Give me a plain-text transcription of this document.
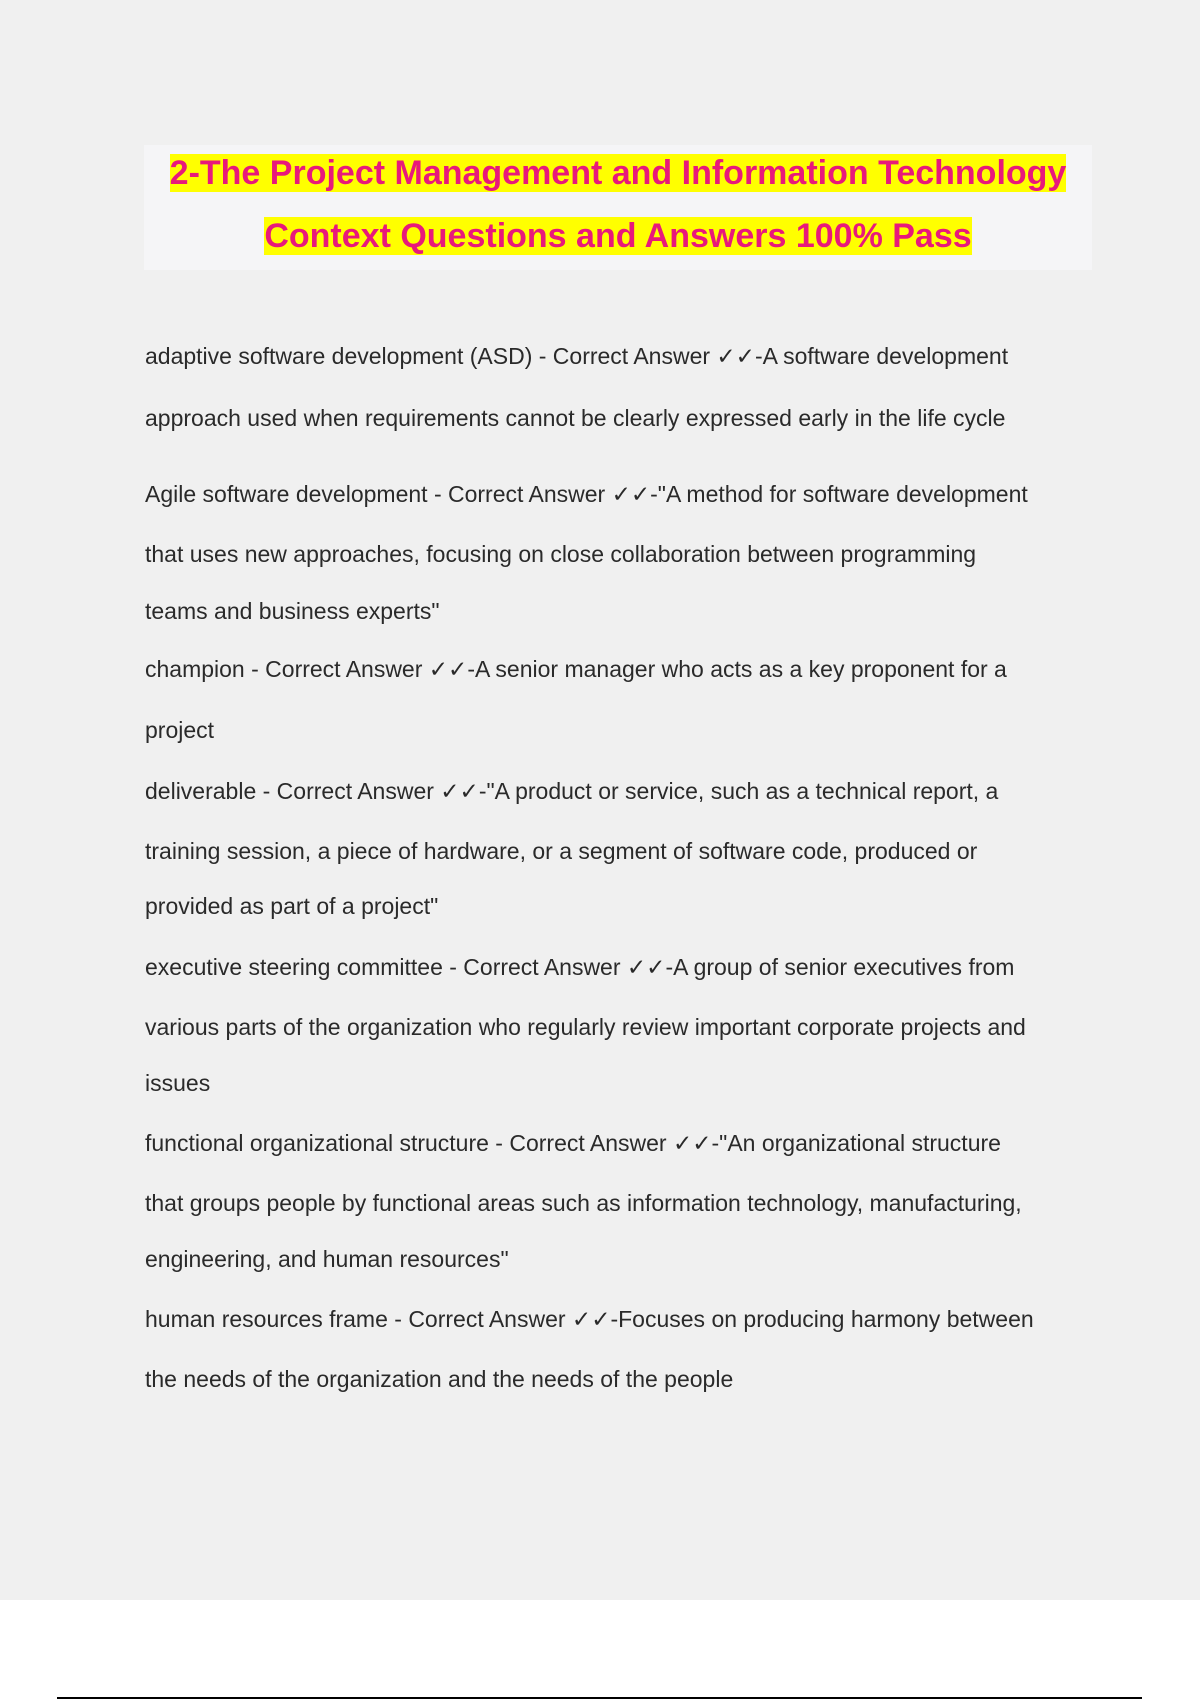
2-The Project Management and Information Technology
Context Questions and Answers 100% Pass

adaptive software development (ASD) - Correct Answer ✓✓-A software development

approach used when requirements cannot be clearly expressed early in the life cycle

Agile software development - Correct Answer ✓✓-"A method for software development

that uses new approaches, focusing on close collaboration between programming

teams and business experts"

champion - Correct Answer ✓✓-A senior manager who acts as a key proponent for a

project

deliverable - Correct Answer ✓✓-"A product or service, such as a technical report, a

training session, a piece of hardware, or a segment of software code, produced or

provided as part of a project"

executive steering committee - Correct Answer ✓✓-A group of senior executives from

various parts of the organization who regularly review important corporate projects and

issues

functional organizational structure - Correct Answer ✓✓-"An organizational structure

that groups people by functional areas such as information technology, manufacturing,

engineering, and human resources"

human resources frame - Correct Answer ✓✓-Focuses on producing harmony between

the needs of the organization and the needs of the people
